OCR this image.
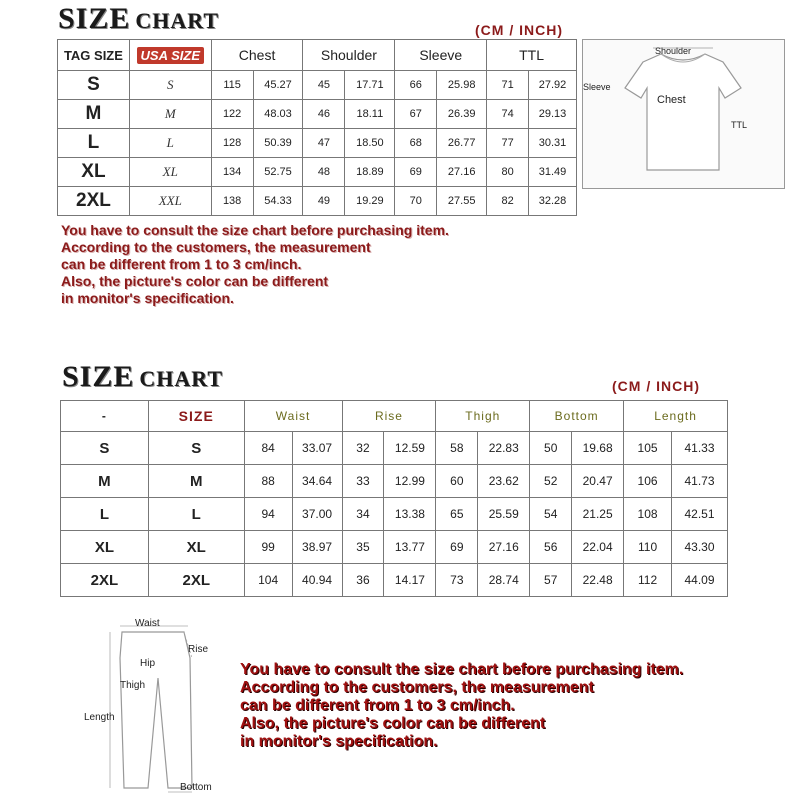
SIZE CHART	(CM / INCH)
TAG SIZE	USA SIZE	Chest		Shoulder		Sleeve		TTL	
S	S	115	45.27	45	17.71	66	25.98	71	27.92
M	M	122	48.03	46	18.11	67	26.39	74	29.13
L	L	128	50.39	47	18.50	68	26.77	77	30.31
XL	XL	134	52.75	48	18.89	69	27.16	80	31.49
2XL	XXL	138	54.33	49	19.29	70	27.55	82	32.28
Shoulder
Sleeve
Chest
TTL
You have to consult the size chart before purchasing item.
According to the customers, the measurement
can be different from 1 to 3 cm/inch.
Also, the picture's color can be different
in monitor's specification.
SIZE CHART	(CM / INCH)
-	SIZE	Waist		Rise		Thigh		Bottom		Length	
S	S	84	33.07	32	12.59	58	22.83	50	19.68	105	41.33
M	M	88	34.64	33	12.99	60	23.62	52	20.47	106	41.73
L	L	94	37.00	34	13.38	65	25.59	54	21.25	108	42.51
XL	XL	99	38.97	35	13.77	69	27.16	56	22.04	110	43.30
2XL	2XL	104	40.94	36	14.17	73	28.74	57	22.48	112	44.09
Waist
Rise
Hip
Thigh
Length
Bottom
You have to consult the size chart before purchasing item.
According to the customers, the measurement
can be different from 1 to 3 cm/inch.
Also, the picture's color can be different
in monitor's specification.
